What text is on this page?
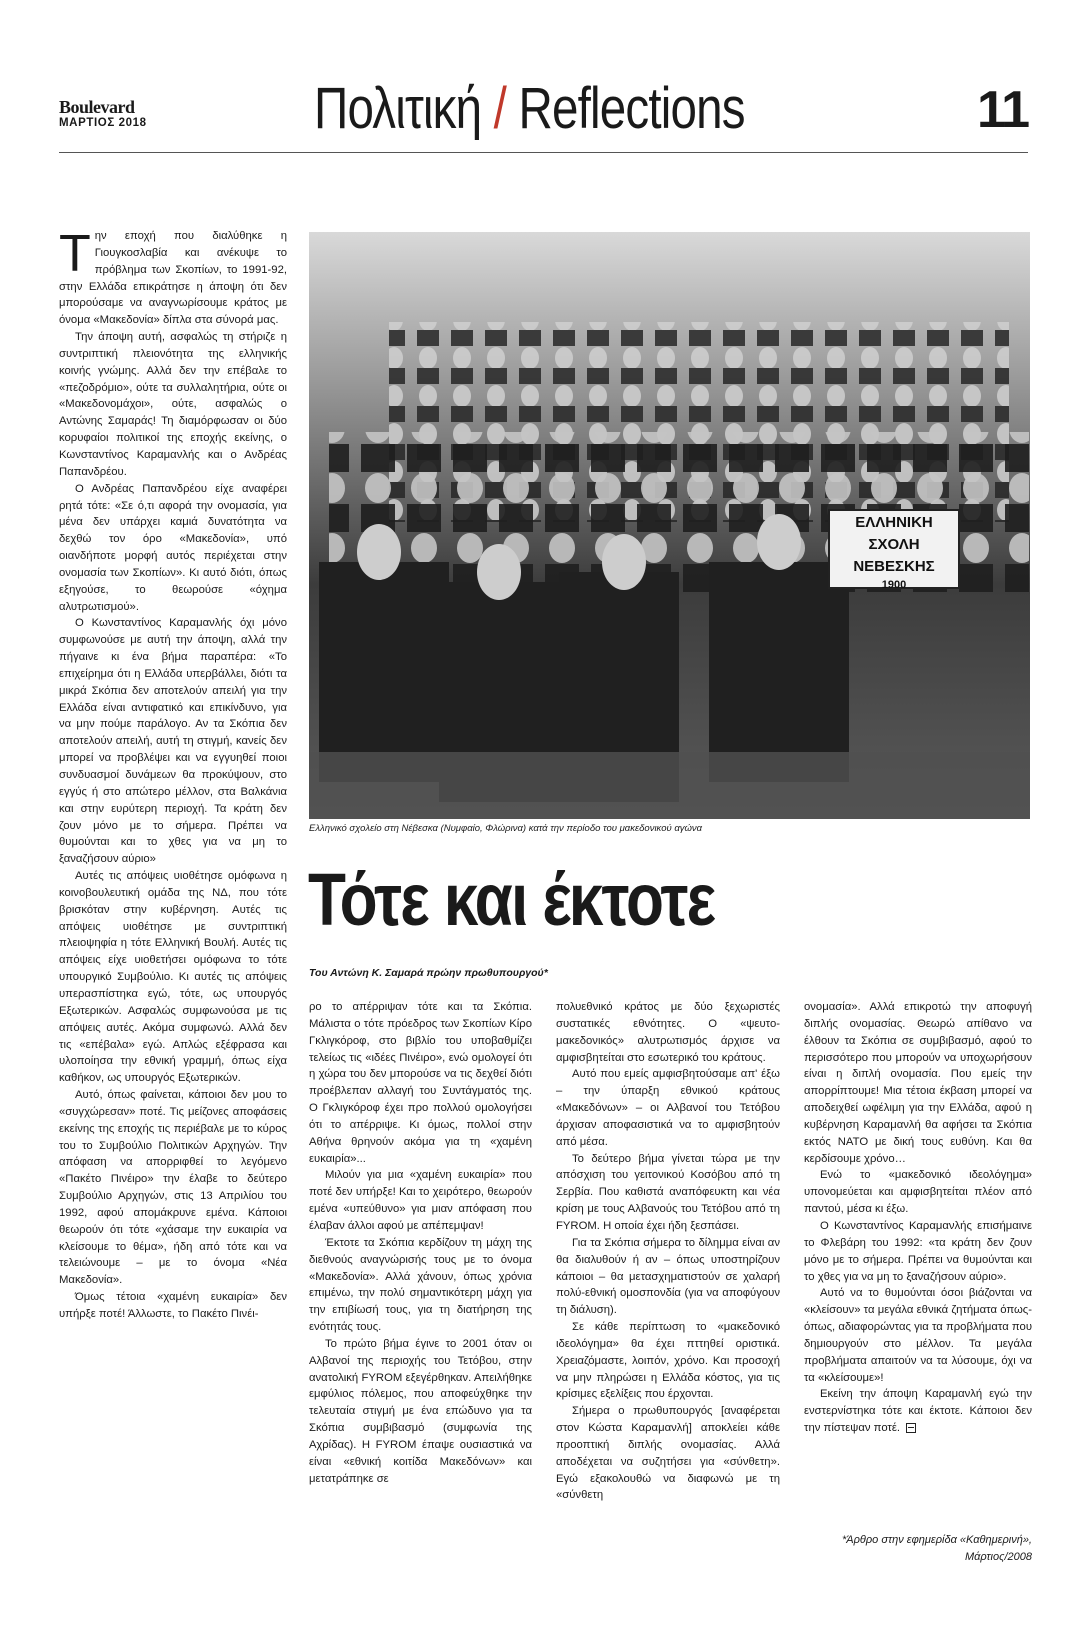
Boulevard
ΜΑΡΤΙΟΣ 2018	Πολιτική / Reflections	11

Την εποχή που διαλύθηκε η Γιουγκοσλαβία και ανέκυψε το πρόβλημα των Σκοπίων, το 1991-92, στην Ελλάδα επικράτησε η άποψη ότι δεν μπορούσαμε να αναγνωρίσουμε κράτος με όνομα «Μακεδονία» δίπλα στα σύνορά μας.

Την άποψη αυτή, ασφαλώς τη στήριζε η συντριπτική πλειονότητα της ελληνικής κοινής γνώμης. Αλλά δεν την επέβαλε το «πεζοδρόμιο», ούτε τα συλλαλητήρια, ούτε οι «Μακεδονομάχοι», ούτε, ασφαλώς ο Αντώνης Σαμαράς! Τη διαμόρφωσαν οι δύο κορυφαίοι πολιτικοί της εποχής εκείνης, ο Κωνσταντίνος Καραμανλής και ο Ανδρέας Παπανδρέου.

Ο Ανδρέας Παπανδρέου είχε αναφέρει ρητά τότε: «Σε ό,τι αφορά την ονομασία, για μένα δεν υπάρχει καμιά δυνατότητα να δεχθώ τον όρο «Μακεδονία», υπό οιανδήποτε μορφή αυτός περιέχεται στην ονομασία των Σκοπίων». Κι αυτό διότι, όπως εξηγούσε, το θεωρούσε «όχημα αλυτρωτισμού».

Ο Κωνσταντίνος Καραμανλής όχι μόνο συμφωνούσε με αυτή την άποψη, αλλά την πήγαινε κι ένα βήμα παραπέρα: «Το επιχείρημα ότι η Ελλάδα υπερβάλλει, διότι τα μικρά Σκόπια δεν αποτελούν απειλή για την Ελλάδα είναι αντιφατικό και επικίνδυνο, για να μην πούμε παράλογο. Αν τα Σκόπια δεν αποτελούν απειλή, αυτή τη στιγμή, κανείς δεν μπορεί να προβλέψει και να εγγυηθεί ποιοι συνδυασμοί δυνάμεων θα προκύψουν, στο εγγύς ή στο απώτερο μέλλον, στα Βαλκάνια και στην ευρύτερη περιοχή. Τα κράτη δεν ζουν μόνο με το σήμερα. Πρέπει να θυμούνται και το χθες για να μη το ξαναζήσουν αύριο»

Αυτές τις απόψεις υιοθέτησε ομόφωνα η κοινοβουλευτική ομάδα της ΝΔ, που τότε βρισκόταν στην κυβέρνηση. Αυτές τις απόψεις υιοθέτησε με συντριπτική πλειοψηφία η τότε Ελληνική Βουλή. Αυτές τις απόψεις είχε υιοθετήσει ομόφωνα το τότε υπουργικό Συμβούλιο. Κι αυτές τις απόψεις υπερασπίστηκα εγώ, τότε, ως υπουργός Εξωτερικών. Ασφαλώς συμφωνούσα με τις απόψεις αυτές. Ακόμα συμφωνώ. Αλλά δεν τις «επέβαλα» εγώ. Απλώς εξέφρασα και υλοποίησα την εθνική γραμμή, όπως είχα καθήκον, ως υπουργός Εξωτερικών.

Αυτό, όπως φαίνεται, κάποιοι δεν μου το «συγχώρεσαν» ποτέ. Τις μείζονες αποφάσεις εκείνης της εποχής τις περιέβαλε με το κύρος του το Συμβούλιο Πολιτικών Αρχηγών. Την απόφαση να απορριφθεί το λεγόμενο «Πακέτο Πινέιρο» την έλαβε το δεύτερο Συμβούλιο Αρχηγών, στις 13 Απριλίου του 1992, αφού απομάκρυνε εμένα. Κάποιοι θεωρούν ότι τότε «χάσαμε την ευκαιρία να κλείσουμε το θέμα», ήδη από τότε και να τελειώνουμε – με το όνομα «Νέα Μακεδονία».

Όμως τέτοια «χαμένη ευκαιρία» δεν υπήρξε ποτέ! Άλλωστε, το Πακέτο Πινέι-

ΕΛΛΗΝΙΚΗ ΣΧΟΛΗ
ΝΕΒΕΣΚΗΣ
1900
Ελληνικό σχολείο στη Νέβεσκα (Νυμφαίο, Φλώρινα) κατά την περίοδο του μακεδονικού αγώνα
Τότε και έκτοτε
Του Αντώνη Κ. Σαμαρά πρώην πρωθυπουργού*

ρο το απέρριψαν τότε και τα Σκόπια. Μάλιστα ο τότε πρόεδρος των Σκοπίων Κίρο Γκλιγκόροφ, στο βιβλίο του υποβαθμίζει τελείως τις «ιδέες Πινέιρο», ενώ ομολογεί ότι η χώρα του δεν μπορούσε να τις δεχθεί διότι προέβλεπαν αλλαγή του Συντάγματός της. Ο Γκλιγκόροφ έχει προ πολλού ομολογήσει ότι το απέρριψε. Κι όμως, πολλοί στην Αθήνα θρηνούν ακόμα για τη «χαμένη ευκαιρία»...

Μιλούν για μια «χαμένη ευκαιρία» που ποτέ δεν υπήρξε! Και το χειρότερο, θεωρούν εμένα «υπεύθυνο» για μιαν απόφαση που έλαβαν άλλοι αφού με απέπεμψαν!

Έκτοτε τα Σκόπια κερδίζουν τη μάχη της διεθνούς αναγνώρισής τους με το όνομα «Μακεδονία». Αλλά χάνουν, όπως χρόνια επιμένω, την πολύ σημαντικότερη μάχη για την επιβίωσή τους, για τη διατήρηση της ενότητάς τους.

Το πρώτο βήμα έγινε το 2001 όταν οι Αλβανοί της περιοχής του Τετόβου, στην ανατολική FYROM εξεγέρθηκαν. Απειλήθηκε εμφύλιος πόλεμος, που αποφεύχθηκε την τελευταία στιγμή με ένα επώδυνο για τα Σκόπια συμβιβασμό (συμφωνία της Αχρίδας). Η FYROM έπαψε ουσιαστικά να είναι «εθνική κοιτίδα Μακεδόνων» και μετατράπηκε σε

πολυεθνικό κράτος με δύο ξεχωριστές συστατικές εθνότητες. Ο «ψευτο-μακεδονικός» αλυτρωτισμός άρχισε να αμφισβητείται στο εσωτερικό του κράτους.

Αυτό που εμείς αμφισβητούσαμε απ' έξω – την ύπαρξη εθνικού κράτους «Μακεδόνων» – οι Αλβανοί του Τετόβου άρχισαν αποφασιστικά να το αμφισβητούν από μέσα.

Το δεύτερο βήμα γίνεται τώρα με την απόσχιση του γειτονικού Κοσόβου από τη Σερβία. Που καθιστά αναπόφευκτη και νέα κρίση με τους Αλβανούς του Τετόβου από τη FYROM. Η οποία έχει ήδη ξεσπάσει.

Για τα Σκόπια σήμερα το δίλημμα είναι αν θα διαλυθούν ή αν – όπως υποστηρίζουν κάποιοι – θα μετασχηματιστούν σε χαλαρή πολύ-εθνική ομοσπονδία (για να αποφύγουν τη διάλυση).

Σε κάθε περίπτωση το «μακεδονικό ιδεολόγημα» θα έχει πττηθεί οριστικά. Χρειαζόμαστε, λοιπόν, χρόνο. Και προσοχή να μην πληρώσει η Ελλάδα κόστος, για τις κρίσιμες εξελίξεις που έρχονται.

Σήμερα ο πρωθυπουργός [αναφέρεται στον Κώστα Καραμανλή] αποκλείει κάθε προοπτική διπλής ονομασίας. Αλλά αποδέχεται να συζητήσει για «σύνθετη». Εγώ εξακολουθώ να διαφωνώ με τη «σύνθετη

ονομασία». Αλλά επικροτώ την αποφυγή διπλής ονομασίας. Θεωρώ απίθανο να έλθουν τα Σκόπια σε συμβιβασμό, αφού το περισσότερο που μπορούν να υποχωρήσουν είναι η διπλή ονομασία. Που εμείς την απορρίπτουμε! Μια τέτοια έκβαση μπορεί να αποδειχθεί ωφέλιμη για την Ελλάδα, αφού η κυβέρνηση Καραμανλή θα αφήσει τα Σκόπια εκτός ΝΑΤΟ με δική τους ευθύνη. Και θα κερδίσουμε χρόνο…

Ενώ το «μακεδονικό ιδεολόγημα» υπονομεύεται και αμφισβητείται πλέον από παντού, μέσα κι έξω.

Ο Κωνσταντίνος Καραμανλής επισήμαινε το Φλεβάρη του 1992: «τα κράτη δεν ζουν μόνο με το σήμερα. Πρέπει να θυμούνται και το χθες για να μη το ξαναζήσουν αύριο».

Αυτό να το θυμούνται όσοι βιάζονται να «κλείσουν» τα μεγάλα εθνικά ζητήματα όπως-όπως, αδιαφορώντας για τα προβλήματα που δημιουργούν στο μέλλον. Τα μεγάλα προβλήματα απαιτούν να τα λύσουμε, όχι να τα «κλείσουμε»!

Εκείνη την άποψη Καραμανλή εγώ την ενστερνίστηκα τότε και έκτοτε. Κάποιοι δεν την πίστεψαν ποτέ.

*Άρθρο στην εφημερίδα «Καθημερινή», Μάρτιος/2008
